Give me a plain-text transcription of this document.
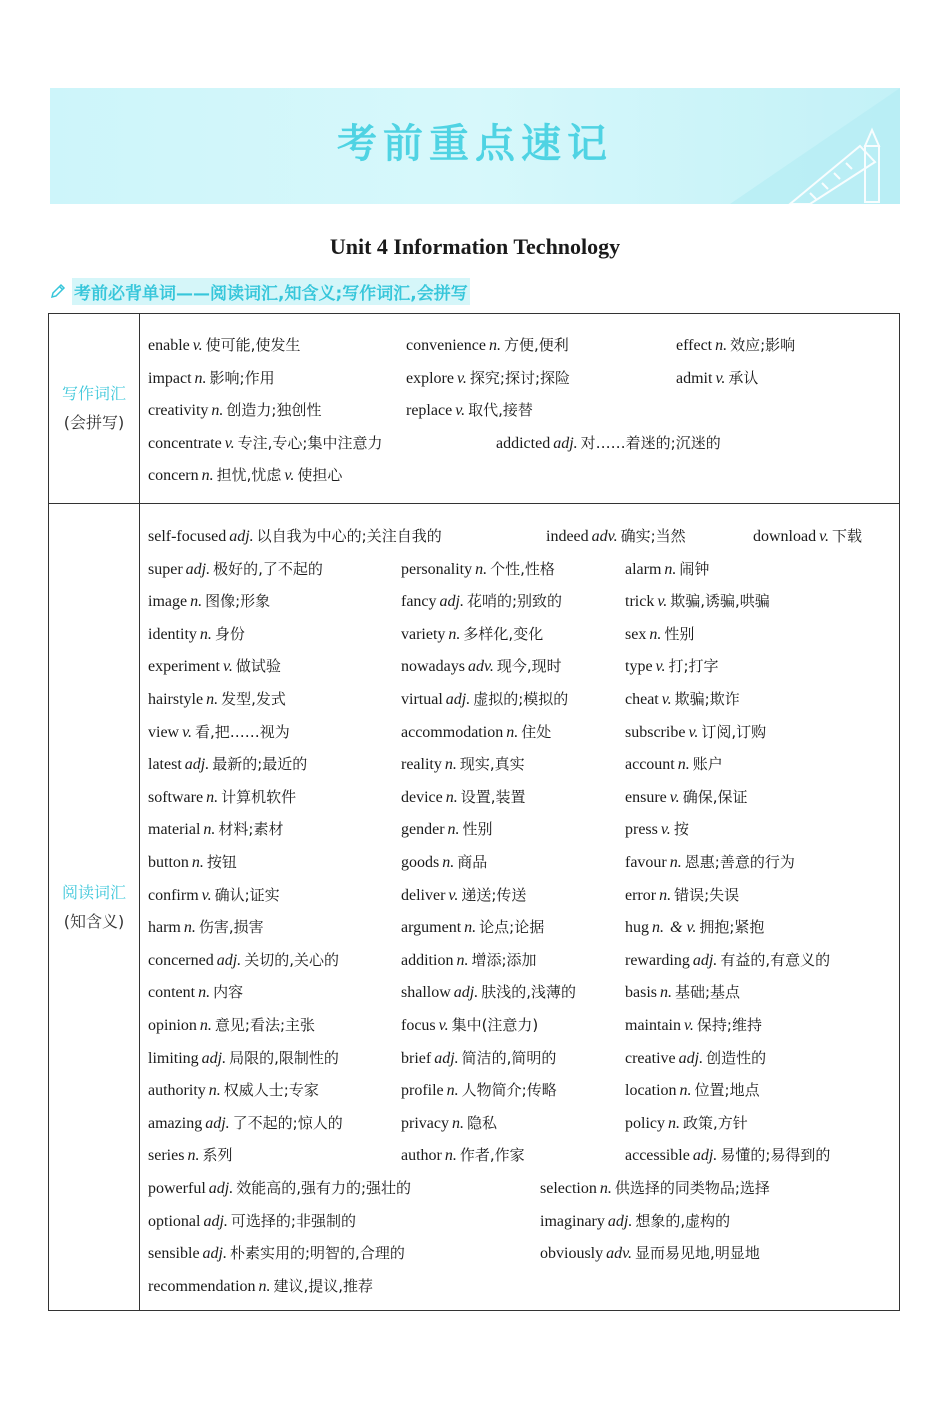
考前重点速记
Unit 4 Information Technology
考前必背单词——阅读词汇,知含义;写作词汇,会拼写
写作词汇
(会拼写)
阅读词汇
(知含义)
enable v. 使可能,使发生	convenience n. 方便,便利	effect n. 效应;影响
impact n. 影响;作用	explore v. 探究;探讨;探险	admit v. 承认
creativity n. 创造力;独创性	replace v. 取代,接替
concentrate v. 专注,专心;集中注意力	addicted adj. 对……着迷的;沉迷的
concern n. 担忧,忧虑 v. 使担心
self-focused adj. 以自我为中心的;关注自我的	indeed adv. 确实;当然	download v. 下载
super adj. 极好的,了不起的	personality n. 个性,性格	alarm n. 闹钟
image n. 图像;形象	fancy adj. 花哨的;别致的	trick v. 欺骗,诱骗,哄骗
identity n. 身份	variety n. 多样化,变化	sex n. 性别
experiment v. 做试验	nowadays adv. 现今,现时	type v. 打;打字
hairstyle n. 发型,发式	virtual adj. 虚拟的;模拟的	cheat v. 欺骗;欺诈
view v. 看,把……视为	accommodation n. 住处	subscribe v. 订阅,订购
latest adj. 最新的;最近的	reality n. 现实,真实	account n. 账户
software n. 计算机软件	device n. 设置,装置	ensure v. 确保,保证
material n. 材料;素材	gender n. 性别	press v. 按
button n. 按钮	goods n. 商品	favour n. 恩惠;善意的行为
confirm v. 确认;证实	deliver v. 递送;传送	error n. 错误;失误
harm n. 伤害,损害	argument n. 论点;论据	hug n. & v. 拥抱;紧抱
concerned adj. 关切的,关心的	addition n. 增添;添加	rewarding adj. 有益的,有意义的
content n. 内容	shallow adj. 肤浅的,浅薄的	basis n. 基础;基点
opinion n. 意见;看法;主张	focus v. 集中(注意力)	maintain v. 保持;维持
limiting adj. 局限的,限制性的	brief adj. 简洁的,简明的	creative adj. 创造性的
authority n. 权威人士;专家	profile n. 人物简介;传略	location n. 位置;地点
amazing adj. 了不起的;惊人的	privacy n. 隐私	policy n. 政策,方针
series n. 系列	author n. 作者,作家	accessible adj. 易懂的;易得到的
powerful adj. 效能高的,强有力的;强壮的	selection n. 供选择的同类物品;选择
optional adj. 可选择的;非强制的	imaginary adj. 想象的,虚构的
sensible adj. 朴素实用的;明智的,合理的	obviously adv. 显而易见地,明显地
recommendation n. 建议,提议,推荐
